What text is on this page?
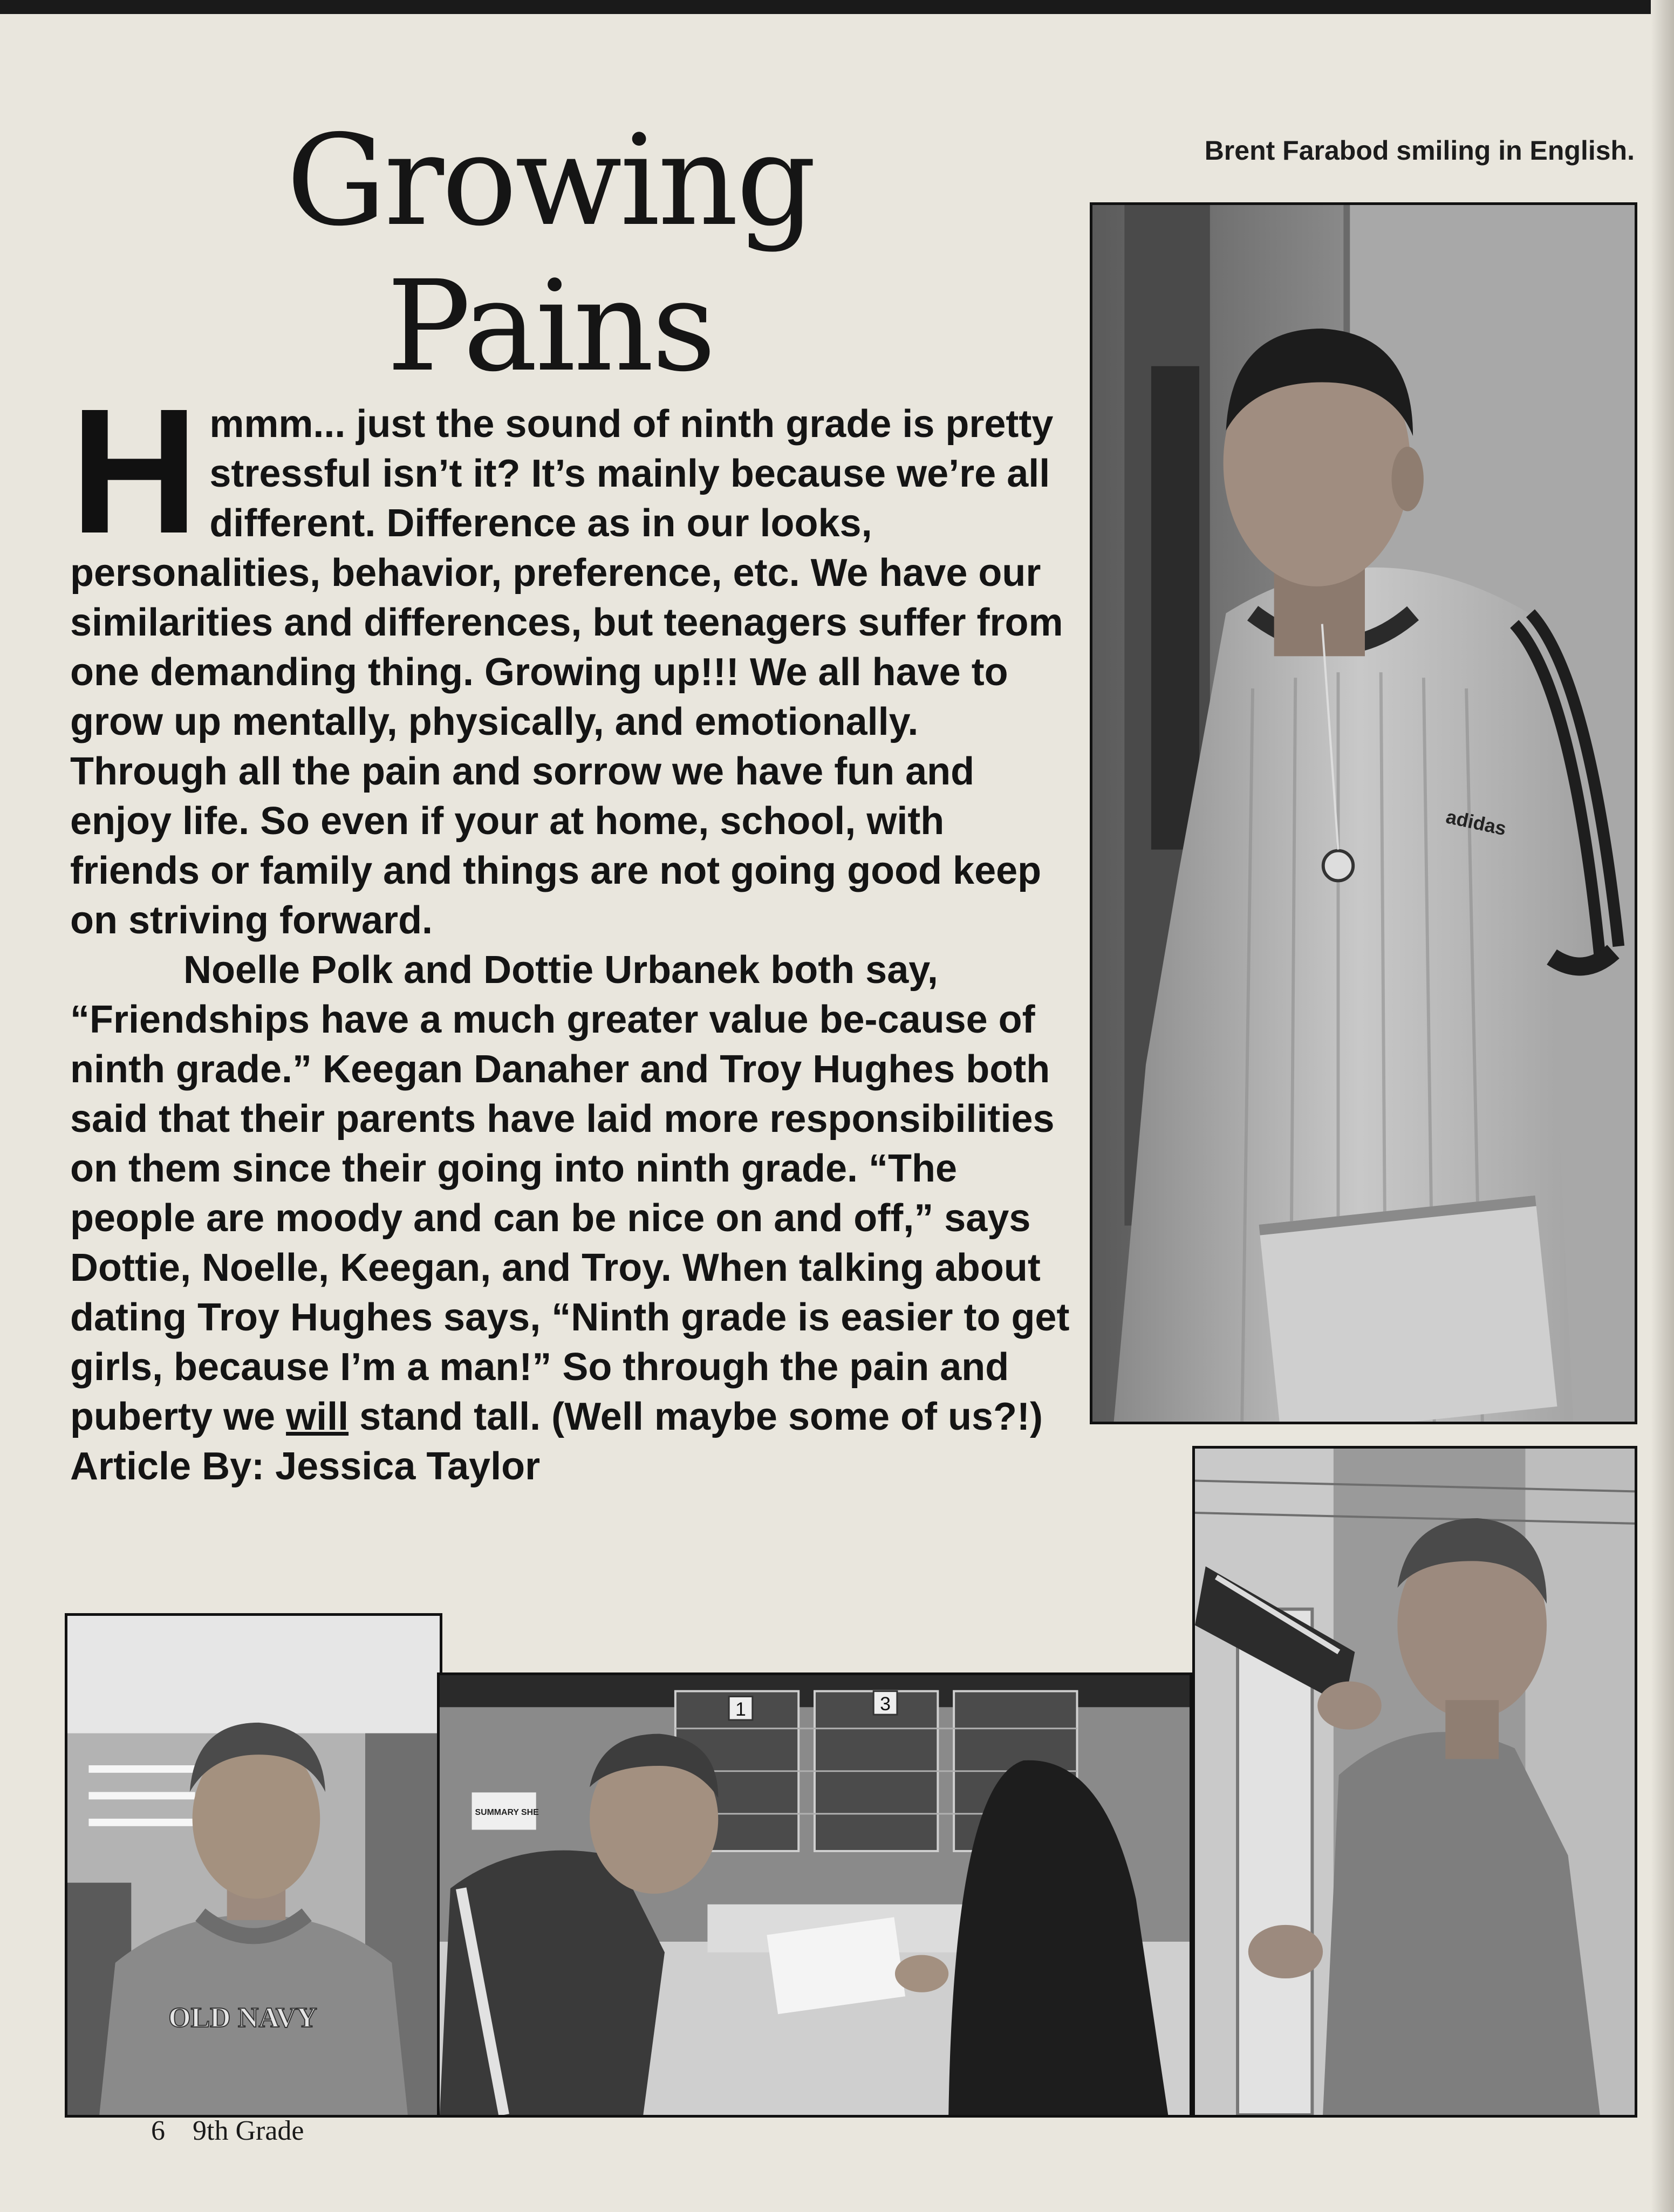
Growing
Pains
Brent Farabod smiling in English.

H mmm... just the sound of ninth grade is pretty stressful isn’t it? It’s mainly because we’re all different. Difference as in our looks, personalities, behavior, preference, etc. We have our similarities and differences, but teenagers suffer from one demanding thing. Growing up!!! We all have to grow up mentally, physically, and emotionally. Through all the pain and sorrow we have fun and enjoy life. So even if your at home, school, with friends or family and things are not going good keep on striving forward.

Noelle Polk and Dottie Urbanek both say, “Friendships have a much greater value be-cause of ninth grade.” Keegan Danaher and Troy Hughes both said that their parents have laid more responsibilities on them since their going into ninth grade. “The people are moody and can be nice on and off,” says Dottie, Noelle, Keegan, and Troy. When talking about dating Troy Hughes says, “Ninth grade is easier to get girls, because I’m a man!” So through the pain and puberty we will stand tall. (Well maybe some of us?!) Article By: Jessica Taylor

adidas
OLD NAVY
1	3
SUMMARY SHE
6 9th Grade
